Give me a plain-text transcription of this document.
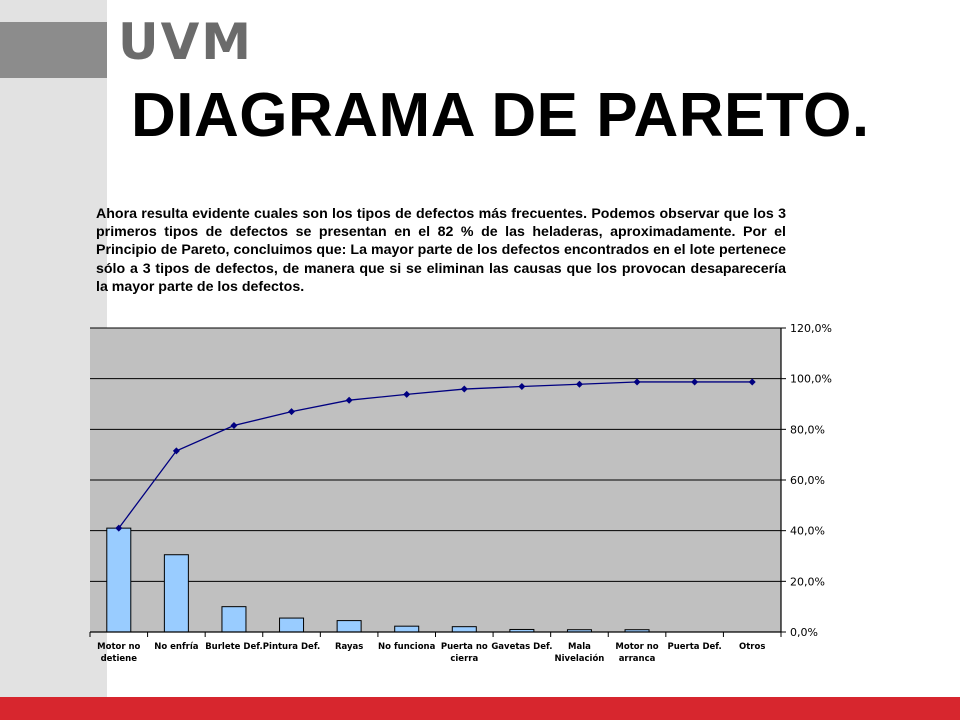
UVM
DIAGRAMA DE PARETO.

Ahora resulta evidente cuales son los tipos de defectos más frecuentes. Podemos observar que los 3 primeros tipos de defectos se presentan en el 82 % de las heladeras, aproximadamente. Por el Principio de Pareto, concluimos que: La mayor parte de los defectos encontrados en el lote pertenece sólo a 3 tipos de defectos, de manera que si se eliminan las causas que los provocan desaparecería la mayor parte de los defectos.

0,0%
20,0%
40,0%
60,0%
80,0%
100,0%
120,0%
Motor no
detiene
No enfría Burlete Def. Pintura Def. Rayas No funciona Puerta no
cierra
Gavetas Def. Mala
Nivelación
Motor no
arranca
Puerta Def. Otros
